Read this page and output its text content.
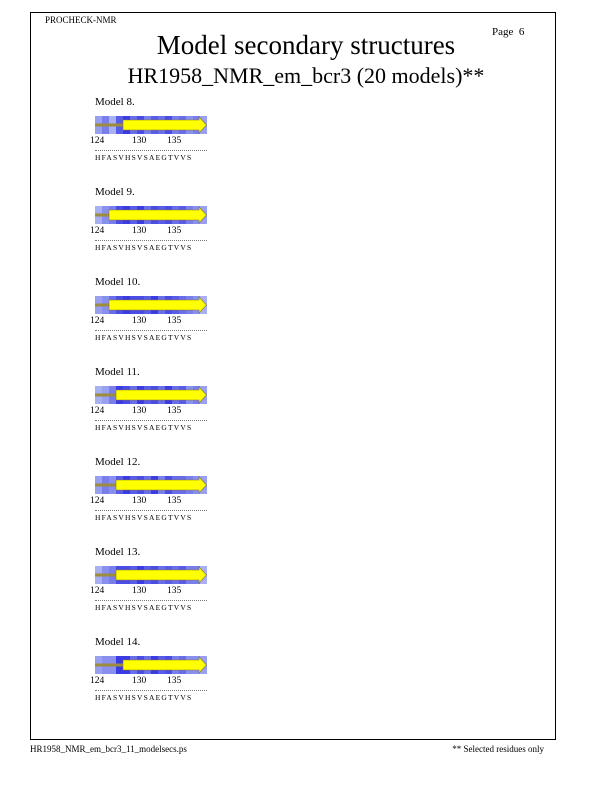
PROCHECK-NMR
Page  6
Model secondary structures
HR1958_NMR_em_bcr3 (20 models)**
Model 8.
124	130 135
HFASVHSVSAEGTVVS
Model 9.
124	130 135
HFASVHSVSAEGTVVS
Model 10.
124	130 135
HFASVHSVSAEGTVVS
Model 11.
124	130 135
HFASVHSVSAEGTVVS
Model 12.
124	130 135
HFASVHSVSAEGTVVS
Model 13.
124	130 135
HFASVHSVSAEGTVVS
Model 14.
124	130 135
HFASVHSVSAEGTVVS
HR1958_NMR_em_bcr3_11_modelsecs.ps	** Selected residues only
